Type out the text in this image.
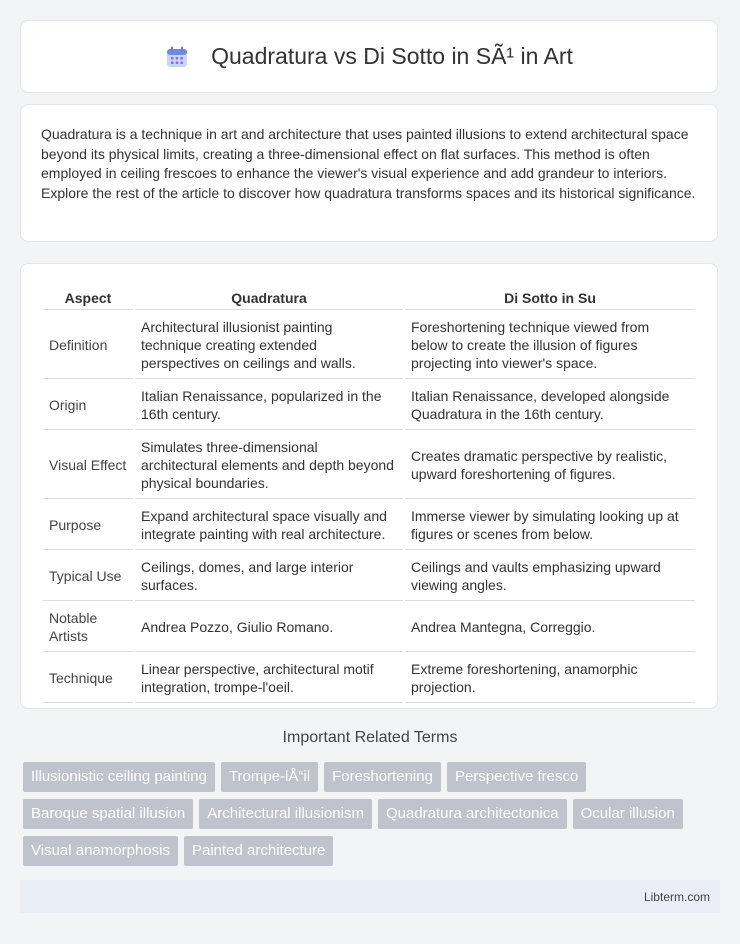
Quadratura vs Di Sotto in SÃ¹ in Art

Quadratura is a technique in art and architecture that uses painted illusions to extend architectural space beyond its physical limits, creating a three-dimensional effect on flat surfaces. This method is often employed in ceiling frescoes to enhance the viewer's visual experience and add grandeur to interiors. Explore the rest of the article to discover how quadratura transforms spaces and its historical significance.

Aspect	Quadratura	Di Sotto in Su
Definition	Architectural illusionist painting technique creating extended perspectives on ceilings and walls.	Foreshortening technique viewed from below to create the illusion of figures projecting into viewer's space.
Origin	Italian Renaissance, popularized in the 16th century.	Italian Renaissance, developed alongside Quadratura in the 16th century.
Visual Effect	Simulates three-dimensional architectural elements and depth beyond physical boundaries.	Creates dramatic perspective by realistic, upward foreshortening of figures.
Purpose	Expand architectural space visually and integrate painting with real architecture.	Immerse viewer by simulating looking up at figures or scenes from below.
Typical Use	Ceilings, domes, and large interior surfaces.	Ceilings and vaults emphasizing upward viewing angles.
Notable Artists	Andrea Pozzo, Giulio Romano.	Andrea Mantegna, Correggio.
Technique	Linear perspective, architectural motif integration, trompe-l'oeil.	Extreme foreshortening, anamorphic projection.
Important Related Terms
Illusionistic ceiling painting	Trompe-lÅ“il	Foreshortening	Perspective fresco
Baroque spatial illusion	Architectural illusionism	Quadratura architectonica	Ocular illusion
Visual anamorphosis	Painted architecture
Libterm.com
